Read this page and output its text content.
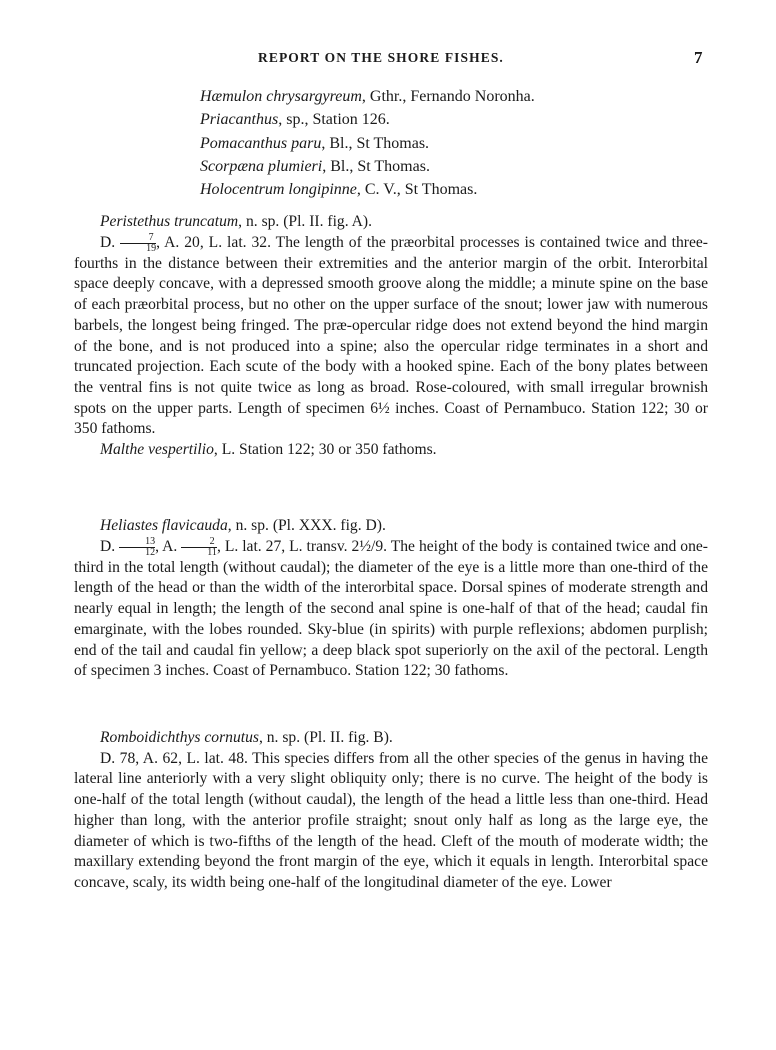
REPORT ON THE SHORE FISHES.	7
Hæmulon chrysargyreum, Gthr., Fernando Noronha.
Priacanthus, sp., Station 126.
Pomacanthus paru, Bl., St Thomas.
Scorpæna plumieri, Bl., St Thomas.
Holocentrum longipinne, C. V., St Thomas.

Peristethus truncatum, n. sp. (Pl. II. fig. A).

D. $\frac{7}{19}$ , A. 20, L. lat. 32. The length of the præorbital processes is contained twice and three-fourths in the distance between their extremities and the anterior margin of the orbit. Interorbital space deeply concave, with a depressed smooth groove along the middle; a minute spine on the base of each præorbital process, but no other on the upper surface of the snout; lower jaw with numerous barbels, the longest being fringed. The præ-opercular ridge does not extend beyond the hind margin of the bone, and is not produced into a spine; also the opercular ridge terminates in a short and truncated projection. Each scute of the body with a hooked spine. Each of the bony plates between the ventral fins is not quite twice as long as broad. Rose-coloured, with small irregular brownish spots on the upper parts. Length of specimen 6½ inches. Coast of Pernambuco. Station 122; 30 or 350 fathoms.

Malthe vespertilio, L. Station 122; 30 or 350 fathoms.

Heliastes flavicauda, n. sp. (Pl. XXX. fig. D).

D. $\frac{13}{12}$ , A. $\frac{2}{11}$ , L. lat. 27, L. transv. 2½/9. The height of the body is contained twice and one-third in the total length (without caudal); the diameter of the eye is a little more than one-third of the length of the head or than the width of the interorbital space. Dorsal spines of moderate strength and nearly equal in length; the length of the second anal spine is one-half of that of the head; caudal fin emarginate, with the lobes rounded. Sky-blue (in spirits) with purple reflexions; abdomen purplish; end of the tail and caudal fin yellow; a deep black spot superiorly on the axil of the pectoral. Length of specimen 3 inches. Coast of Pernambuco. Station 122; 30 fathoms.

Romboidichthys cornutus, n. sp. (Pl. II. fig. B).

D. 78, A. 62, L. lat. 48. This species differs from all the other species of the genus in having the lateral line anteriorly with a very slight obliquity only; there is no curve. The height of the body is one-half of the total length (without caudal), the length of the head a little less than one-third. Head higher than long, with the anterior profile straight; snout only half as long as the large eye, the diameter of which is two-fifths of the length of the head. Cleft of the mouth of moderate width; the maxillary extending beyond the front margin of the eye, which it equals in length. Interorbital space concave, scaly, its width being one-half of the longitudinal diameter of the eye. Lower
